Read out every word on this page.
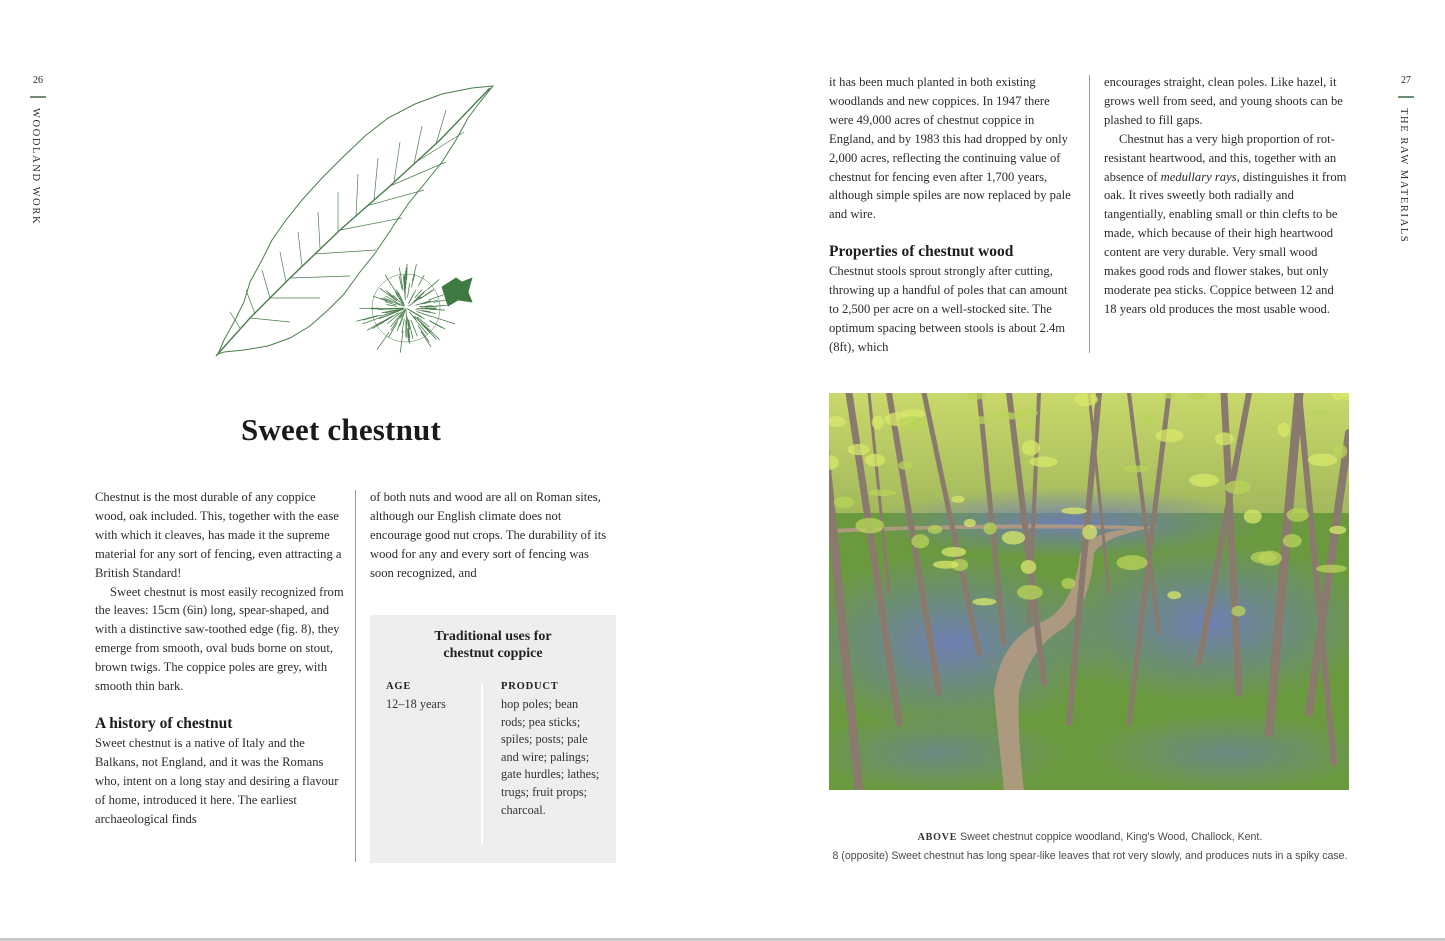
26
WOODLAND WORK
Sweet chestnut

Chestnut is the most durable of any coppice wood, oak included. This, together with the ease with which it cleaves, has made it the supreme material for any sort of fencing, even attracting a British Standard!

Sweet chestnut is most easily recognized from the leaves: 15cm (6in) long, spear-shaped, and with a distinctive saw-toothed edge (fig. 8), they emerge from smooth, oval buds borne on stout, brown twigs. The coppice poles are grey, with smooth thin bark.

A history of chestnut

Sweet chestnut is a native of Italy and the Balkans, not England, and it was the Romans who, intent on a long stay and desiring a flavour of home, introduced it here. The earliest archaeological finds

of both nuts and wood are all on Roman sites, although our English climate does not encourage good nut crops. The durability of its wood for any and every sort of fencing was soon recognized, and

Traditional uses for
chestnut coppice
AGE
12–18 years
PRODUCT
hop poles; bean rods; pea sticks; spiles; posts; pale and wire; palings; gate hurdles; lathes; trugs; fruit props; charcoal.
27
THE RAW MATERIALS

it has been much planted in both existing woodlands and new coppices. In 1947 there were 49,000 acres of chestnut coppice in England, and by 1983 this had dropped by only 2,000 acres, reflecting the continuing value of chestnut for fencing even after 1,700 years, although simple spiles are now replaced by pale and wire.

Properties of chestnut wood

Chestnut stools sprout strongly after cutting, throwing up a handful of poles that can amount to 2,500 per acre on a well-stocked site. The optimum spacing between stools is about 2.4m (8ft), which

encourages straight, clean poles. Like hazel, it grows well from seed, and young shoots can be plashed to fill gaps.

Chestnut has a very high proportion of rot-resistant heartwood, and this, together with an absence of medullary rays, distinguishes it from oak. It rives sweetly both radially and tangentially, enabling small or thin clefts to be made, which because of their high heartwood content are very durable. Very small wood makes good rods and flower stakes, but only moderate pea sticks. Coppice between 12 and 18 years old produces the most usable wood.

ABOVE Sweet chestnut coppice woodland, King's Wood, Challock, Kent.
8 (opposite) Sweet chestnut has long spear-like leaves that rot very slowly, and produces nuts in a spiky case.
